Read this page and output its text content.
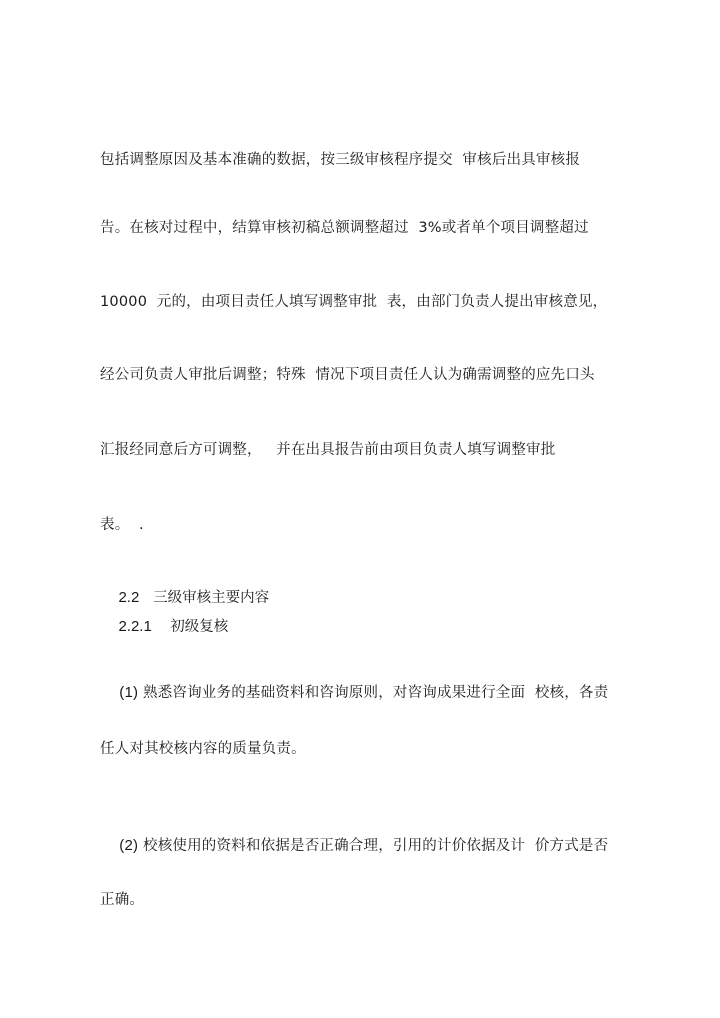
包括调整原因及基本准确的数据，按三级审核程序提交  审核后出具审核报
告。在核对过程中，结算审核初稿总额调整超过  3%或者单个项目调整超过
10000  元的，由项目责任人填写调整审批  表，由部门负责人提出审核意见，
经公司负责人审批后调整；特殊  情况下项目责任人认为确需调整的应先口头
汇报经同意后方可调整，   并在出具报告前由项目负责人填写调整审批
表。  .

2.2 三级审核主要内容

2.2.1 初级复核

(1) 熟悉咨询业务的基础资料和咨询原则，对咨询成果进行全面  校核，各责

任人对其校核内容的质量负责。

(2) 校核使用的资料和依据是否正确合理，引用的计价依据及计  价方式是否

正确。
